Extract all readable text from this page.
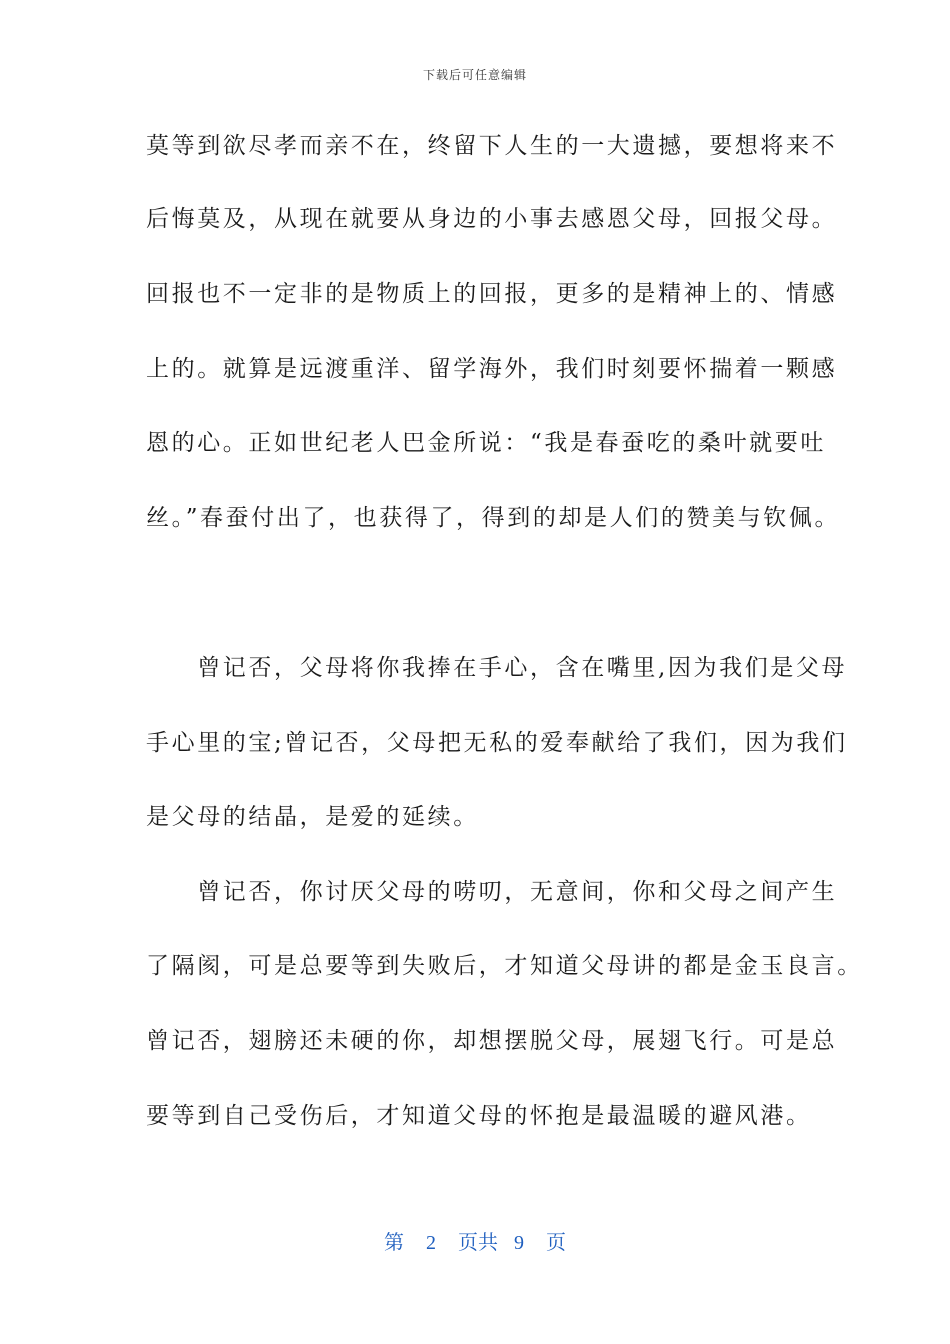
下载后可任意编辑
莫等到欲尽孝而亲不在，终留下人生的一大遗撼，要想将来不
后悔莫及，从现在就要从身边的小事去感恩父母，回报父母。
回报也不一定非的是物质上的回报，更多的是精神上的、情感
上的。就算是远渡重洋、留学海外，我们时刻要怀揣着一颗感
恩的心。正如世纪老人巴金所说：“我是春蚕吃的桑叶就要吐
丝。”春蚕付出了，也获得了，得到的却是人们的赞美与钦佩。
　　曾记否，父母将你我捧在手心，含在嘴里,因为我们是父母
手心里的宝;曾记否，父母把无私的爱奉献给了我们，因为我们
是父母的结晶，是爱的延续。
　　曾记否，你讨厌父母的唠叨，无意间，你和父母之间产生
了隔阂，可是总要等到失败后，才知道父母讲的都是金玉良言。
曾记否，翅膀还未硬的你，却想摆脱父母，展翅飞行。可是总
要等到自己受伤后，才知道父母的怀抱是最温暖的避风港。
第 2 页共 9 页
